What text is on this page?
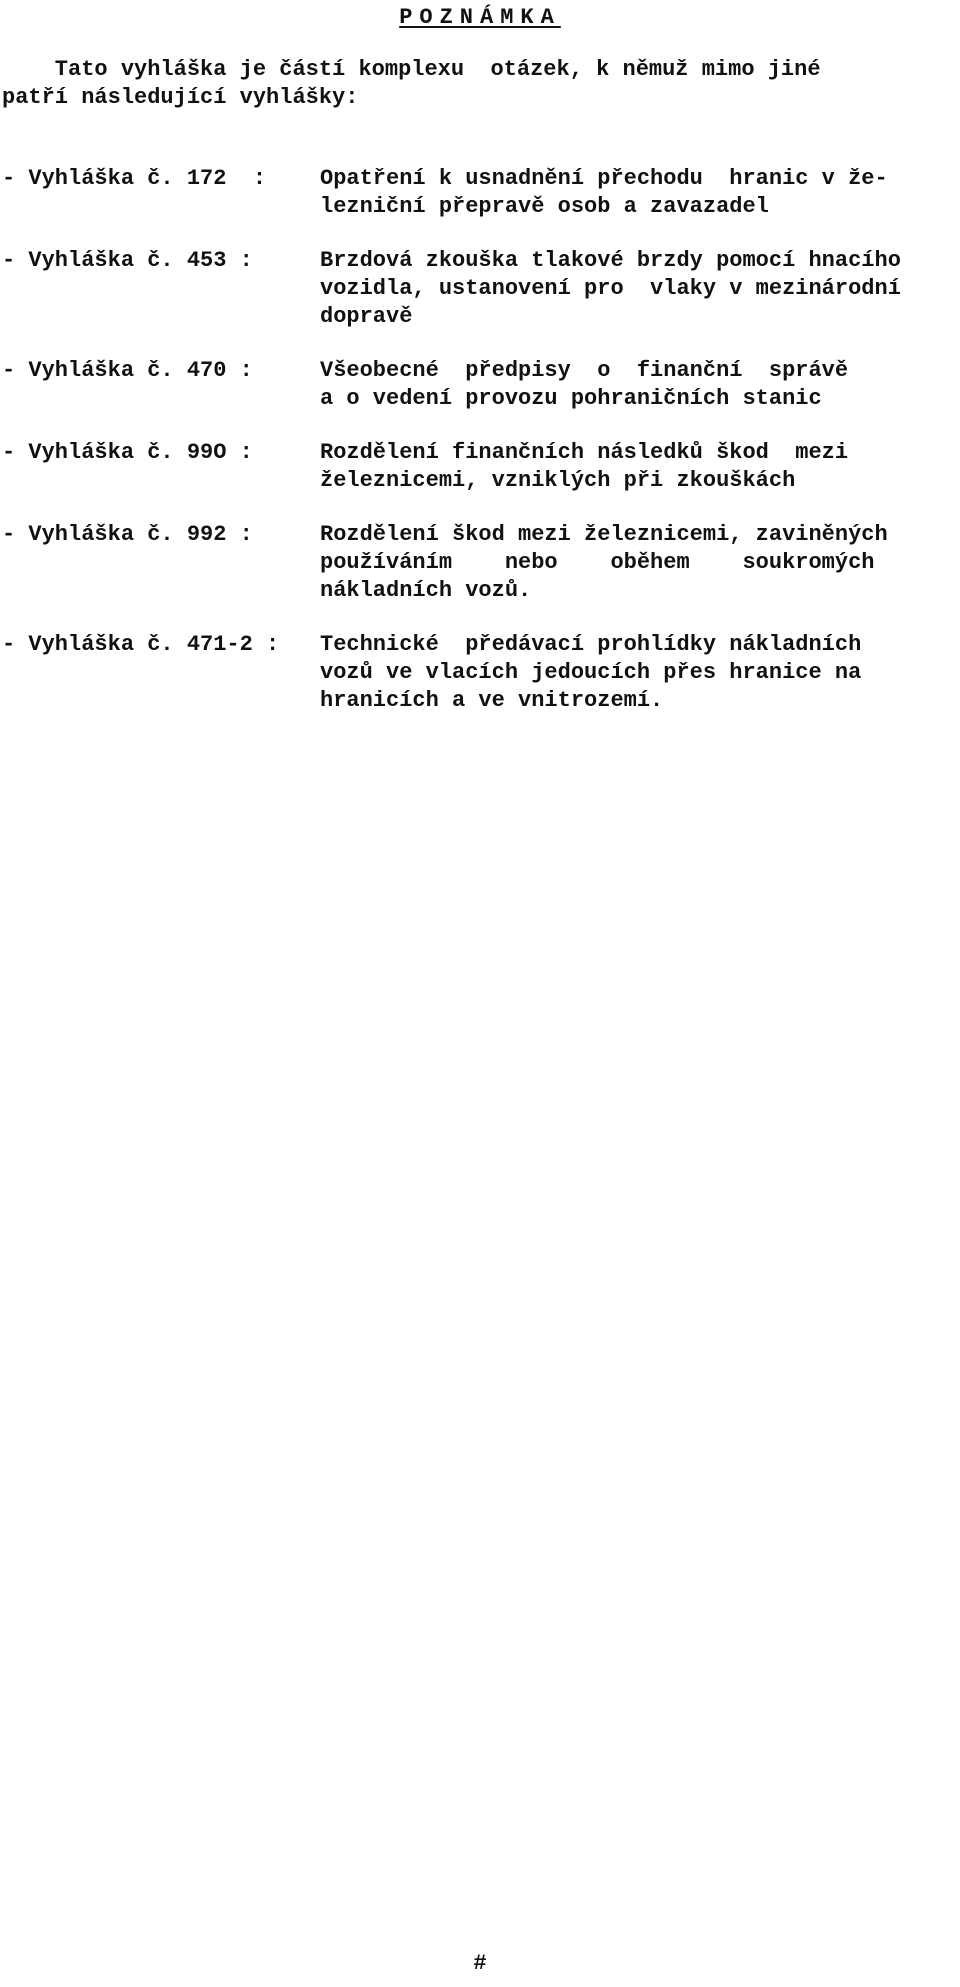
POZNÁMKA
Tato vyhláška je částí komplexu  otázek, k němuž mimo jiné
patří následující vyhlášky:
- Vyhláška č. 172  :	Opatření k usnadnění přechodu  hranic v že-
lezniční přepravě osob a zavazadel
- Vyhláška č. 453 :	Brzdová zkouška tlakové brzdy pomocí hnacího
vozidla, ustanovení pro  vlaky v mezinárodní
dopravě
- Vyhláška č. 470 :	Všeobecné  předpisy  o  finanční  správě
a o vedení provozu pohraničních stanic
- Vyhláška č. 99O :	Rozdělení finančních následků škod  mezi
železnicemi, vzniklých při zkouškách
- Vyhláška č. 992 :	Rozdělení škod mezi železnicemi, zaviněných
používáním    nebo    oběhem    soukromých
nákladních vozů.
- Vyhláška č. 471-2 :	Technické  předávací prohlídky nákladních
vozů ve vlacích jedoucích přes hranice na
hranicích a ve vnitrozemí.
#
